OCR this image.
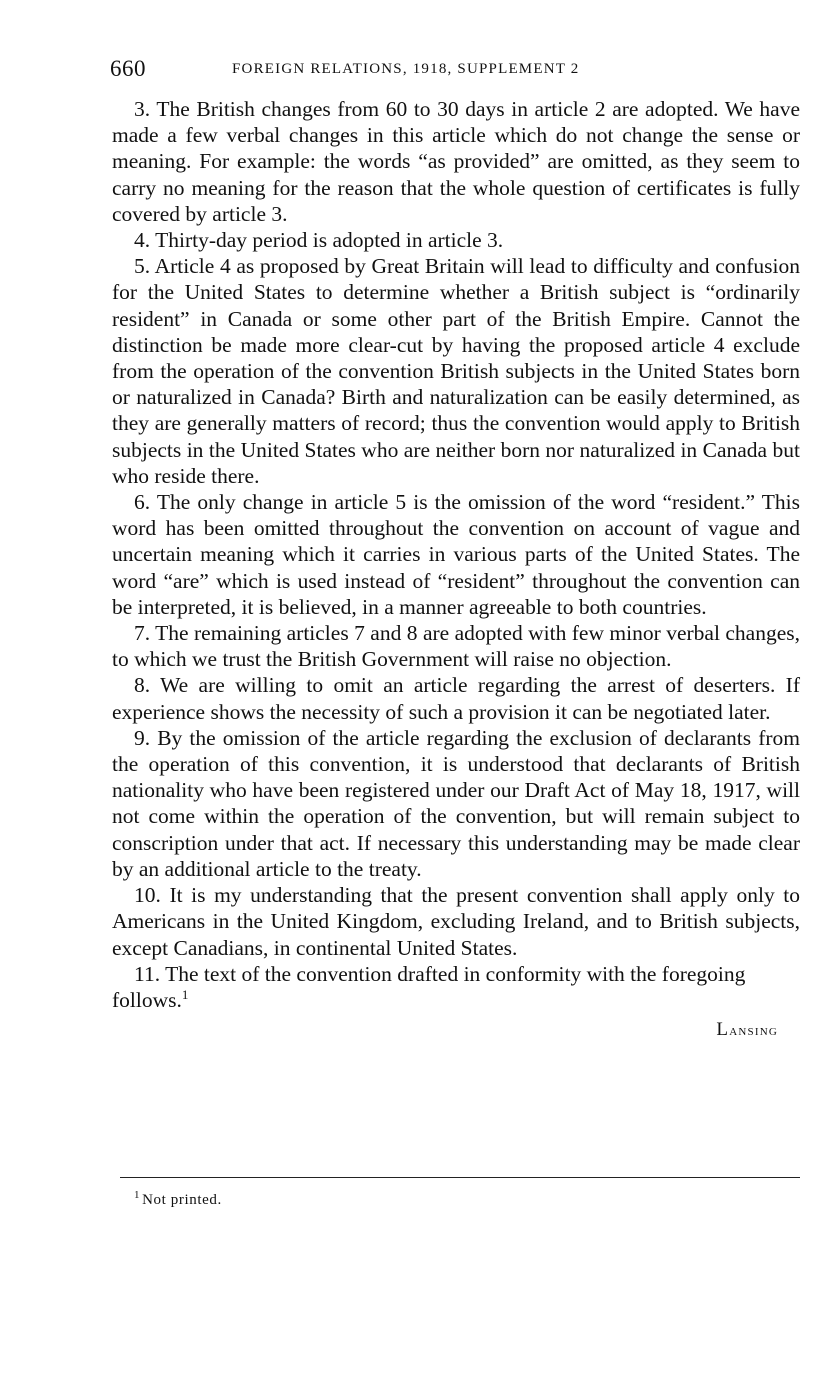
660	FOREIGN RELATIONS, 1918, SUPPLEMENT 2

3. The British changes from 60 to 30 days in article 2 are adopted. We have made a few verbal changes in this article which do not change the sense or meaning. For example: the words “as provided” are omitted, as they seem to carry no meaning for the reason that the whole question of certificates is fully covered by article 3.

4. Thirty-day period is adopted in article 3.

5. Article 4 as proposed by Great Britain will lead to difficulty and confusion for the United States to determine whether a British subject is “ordinarily resident” in Canada or some other part of the British Empire. Cannot the distinction be made more clear-cut by having the proposed article 4 exclude from the operation of the convention British subjects in the United States born or naturalized in Canada? Birth and naturalization can be easily determined, as they are generally matters of record; thus the convention would apply to British subjects in the United States who are neither born nor naturalized in Canada but who reside there.

6. The only change in article 5 is the omission of the word “resident.” This word has been omitted throughout the convention on account of vague and uncertain meaning which it carries in various parts of the United States. The word “are” which is used instead of “resident” throughout the convention can be interpreted, it is believed, in a manner agreeable to both countries.

7. The remaining articles 7 and 8 are adopted with few minor verbal changes, to which we trust the British Government will raise no objection.

8. We are willing to omit an article regarding the arrest of deserters. If experience shows the necessity of such a provision it can be negotiated later.

9. By the omission of the article regarding the exclusion of declarants from the operation of this convention, it is understood that declarants of British nationality who have been registered under our Draft Act of May 18, 1917, will not come within the operation of the convention, but will remain subject to conscription under that act. If necessary this understanding may be made clear by an additional article to the treaty.

10. It is my understanding that the present convention shall apply only to Americans in the United Kingdom, excluding Ireland, and to British subjects, except Canadians, in continental United States.

11. The text of the convention drafted in conformity with the foregoing follows.$^1$

Lansing
$^1$ Not printed.
